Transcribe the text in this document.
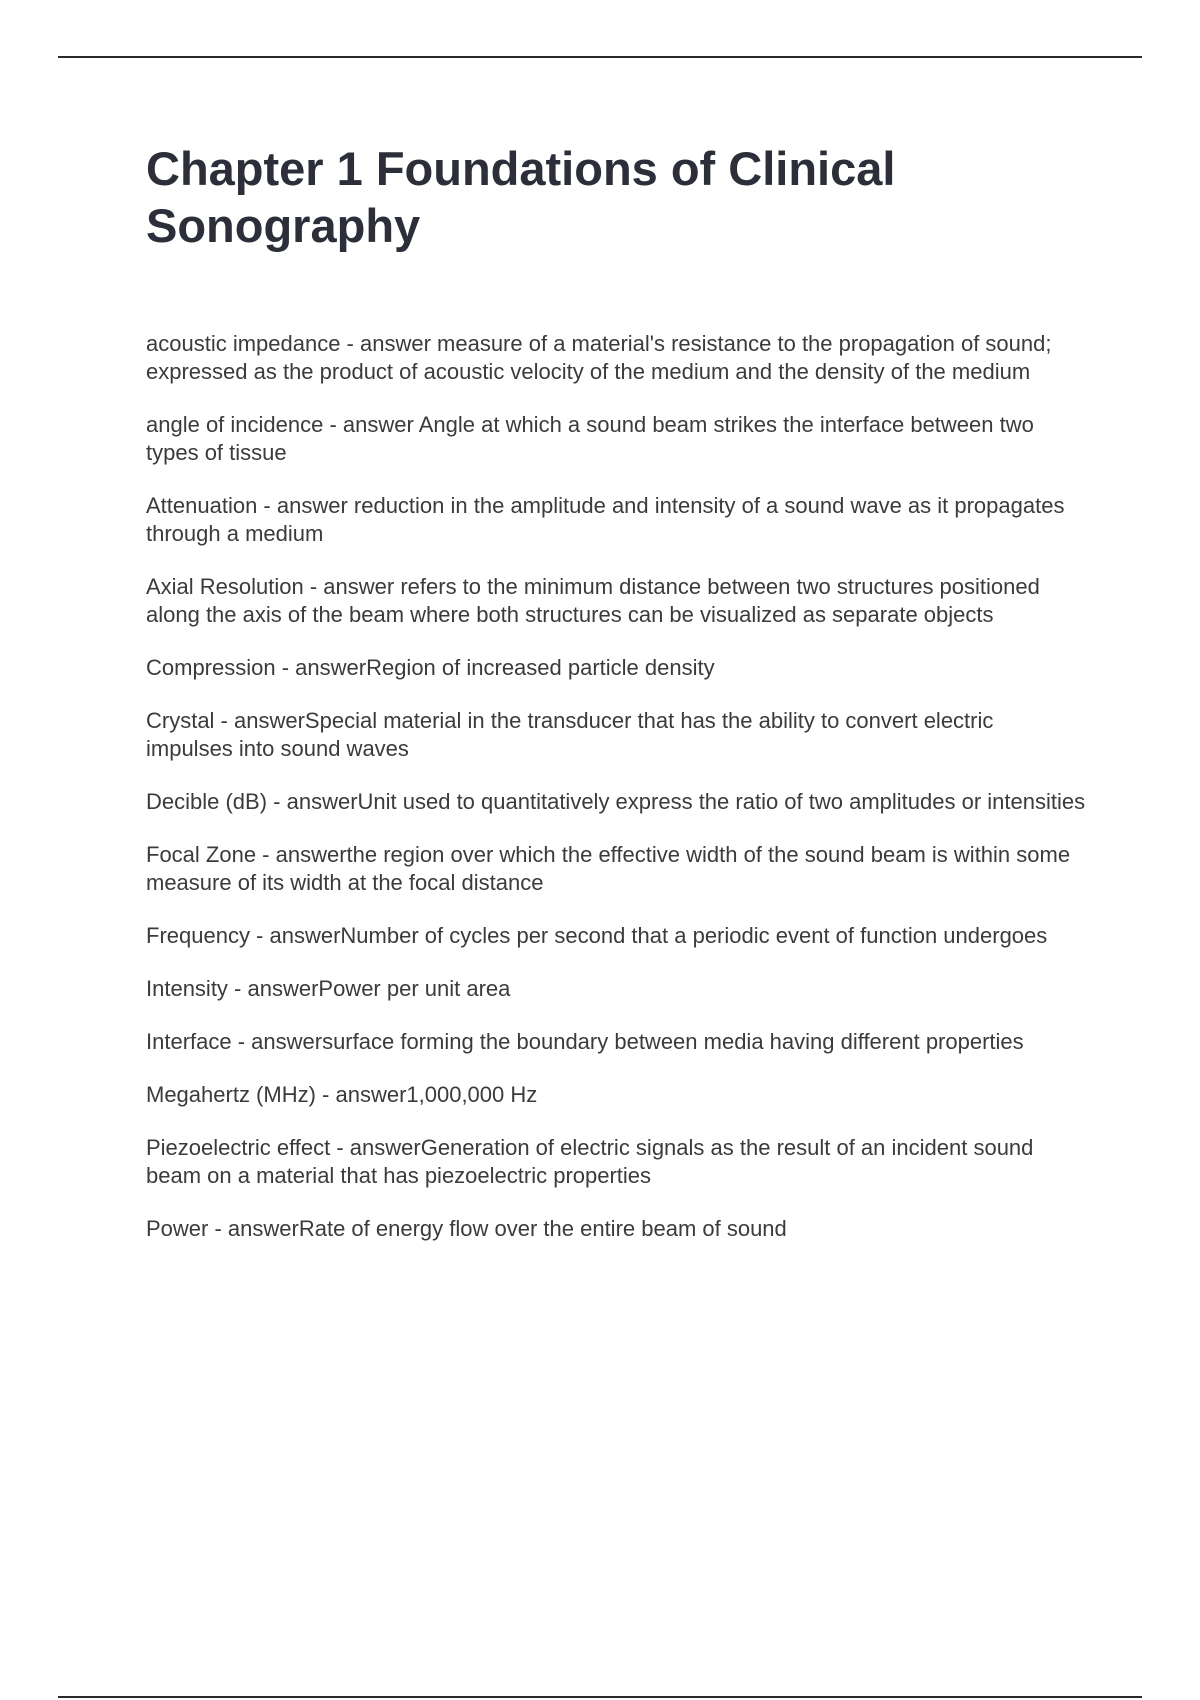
Chapter 1 Foundations of Clinical Sonography

acoustic impedance - answer measure of a material's resistance to the propagation of sound; expressed as the product of acoustic velocity of the medium and the density of the medium

angle of incidence - answer Angle at which a sound beam strikes the interface between two types of tissue

Attenuation - answer reduction in the amplitude and intensity of a sound wave as it propagates through a medium

Axial Resolution - answer refers to the minimum distance between two structures positioned along the axis of the beam where both structures can be visualized as separate objects

Compression - answerRegion of increased particle density

Crystal - answerSpecial material in the transducer that has the ability to convert electric impulses into sound waves

Decible (dB) - answerUnit used to quantitatively express the ratio of two amplitudes or intensities

Focal Zone - answerthe region over which the effective width of the sound beam is within some measure of its width at the focal distance

Frequency - answerNumber of cycles per second that a periodic event of function undergoes

Intensity - answerPower per unit area

Interface - answersurface forming the boundary between media having different properties

Megahertz (MHz) - answer1,000,000 Hz

Piezoelectric effect - answerGeneration of electric signals as the result of an incident sound beam on a material that has piezoelectric properties

Power - answerRate of energy flow over the entire beam of sound
